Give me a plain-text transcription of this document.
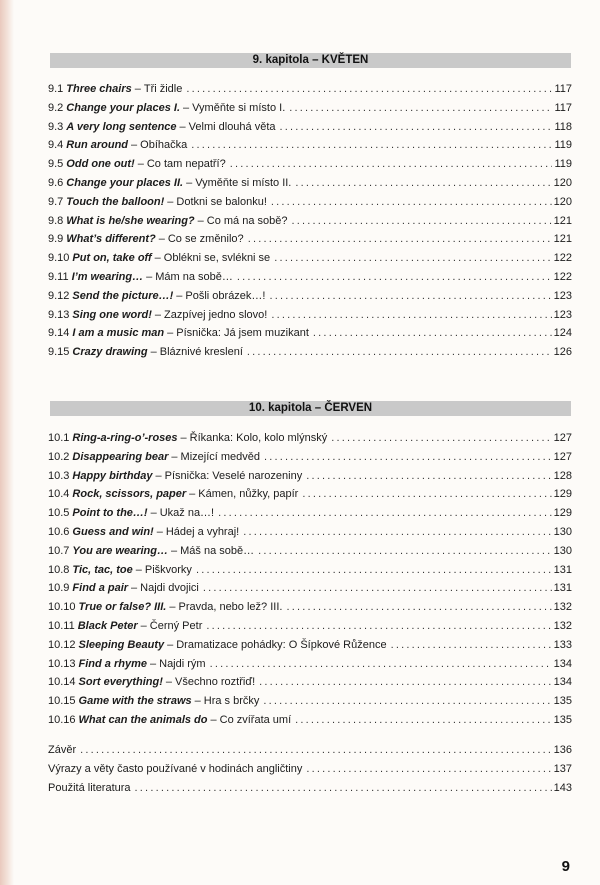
9. kapitola – KVĚTEN
9.1 Three chairs – Tři židle .....	117
9.2 Change your places I. – Vyměňte si místo I. .....	117
9.3 A very long sentence – Velmi dlouhá věta .....	118
9.4 Run around – Obíhačka .....	119
9.5 Odd one out! – Co tam nepatří? .....	119
9.6 Change your places II. – Vyměňte si místo II. .....	120
9.7 Touch the balloon! – Dotkni se balonku! .....	120
9.8 What is he/she wearing? – Co má na sobě? .....	121
9.9 What’s different? – Co se změnilo? .....	121
9.10 Put on, take off – Oblékni se, svlékni se .....	122
9.11 I’m wearing… – Mám na sobě… .....	122
9.12 Send the picture…! – Pošli obrázek…! .....	123
9.13 Sing one word! – Zazpívej jedno slovo! .....	123
9.14 I am a music man – Písnička: Já jsem muzikant .....	124
9.15 Crazy drawing – Bláznivé kreslení .....	126
10. kapitola – ČERVEN
10.1 Ring-a-ring-o’-roses – Říkanka: Kolo, kolo mlýnský .....	127
10.2 Disappearing bear – Mizející medvěd .....	127
10.3 Happy birthday – Písnička: Veselé narozeniny .....	128
10.4 Rock, scissors, paper – Kámen, nůžky, papír .....	129
10.5 Point to the…! – Ukaž na…! .....	129
10.6 Guess and win! – Hádej a vyhraj! .....	130
10.7 You are wearing… – Máš na sobě… .....	130
10.8 Tic, tac, toe – Piškvorky .....	131
10.9 Find a pair – Najdi dvojici .....	131
10.10 True or false? III. – Pravda, nebo lež? III. .....	132
10.11 Black Peter – Černý Petr .....	132
10.12 Sleeping Beauty – Dramatizace pohádky: O Šípkové Růžence .....	133
10.13 Find a rhyme – Najdi rým .....	134
10.14 Sort everything! – Všechno roztřiď! .....	134
10.15 Game with the straws – Hra s brčky .....	135
10.16 What can the animals do – Co zvířata umí .....	135
Závěr .....	136
Výrazy a věty často používané v hodinách angličtiny .....	137
Použitá literatura .....	143
9
